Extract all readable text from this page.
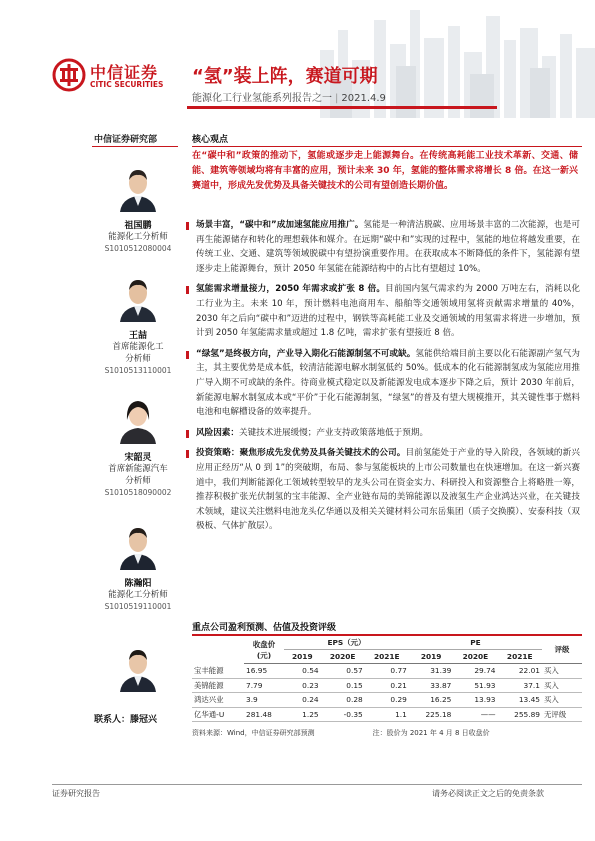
中信证券
CITIC SECURITIES “氢”装上阵，赛道可期
能源化工行业氢能系列报告之一 | 2021.4.9
中信证券研究部
祖国鹏
能源化工分析师
S1010512080004
王喆
首席能源化工
分析师
S1010513110001
宋韶灵
首席新能源汽车
分析师
S1010518090002
陈瀚阳
能源化工分析师
S1010519110001
联系人：滕冠兴
核心观点
在“碳中和”政策的推动下，氢能或逐步走上能源舞台。在传统高耗能工业技术革新、交通、储能、建筑等领域均将有丰富的应用，预计未来 30 年，氢能的整体需求将增长 8 倍。在这一新兴赛道中，形成先发优势及具备关键技术的公司有望创造长期价值。
场景丰富，“碳中和”成加速氢能应用推广。氢能是一种清洁脱碳、应用场景丰富的二次能源，也是可再生能源储存和转化的理想载体和媒介。在远期“碳中和”实现的过程中，氢能的地位将越发重要，在传统工业、交通、建筑等领域脱碳中有望扮演重要作用。在获取成本不断降低的条件下，氢能源有望逐步走上能源舞台，预计 2050 年氢能在能源结构中的占比有望超过 10%。
氢能需求增量接力，2050 年需求或扩张 8 倍。目前国内氢气需求约为 2000 万吨左右，消耗以化工行业为主。未来 10 年，预计燃料电池商用车、船舶等交通领域用氢将贡献需求增量的 40%，2030 年之后向“碳中和”迈进的过程中，钢铁等高耗能工业及交通领域的用氢需求将进一步增加，预计到 2050 年氢能需求量或超过 1.8 亿吨，需求扩张有望接近 8 倍。
“绿氢”是终极方向，产业导入期化石能源制氢不可或缺。氢能供给端目前主要以化石能源副产氢气为主，其主要优势是成本低，较清洁能源电解水制氢低约 50%。低成本的化石能源制氢成为氢能应用推广导入期不可或缺的条件。待商业模式稳定以及新能源发电成本逐步下降之后，预计 2030 年前后，新能源电解水制氢成本或“平价”于化石能源制氢，“绿氢”的普及有望大规模推开，其关键性事于燃料电池和电解槽设备的效率提升。
风险因素：关键技术进展缓慢；产业支持政策落地低于预期。
投资策略：聚焦形成先发优势及具备关键技术的公司。目前氢能处于产业的导入阶段，各领域的新兴应用正经历“从 0 到 1”的突破期，布局、参与氢能板块的上市公司数量也在快速增加。在这一新兴赛道中，我们判断能源化工领域转型较早的龙头公司在资金实力、科研投入和资源整合上将略胜一筹，推荐积极扩张光伏制氢的宝丰能源、全产业链布局的美锦能源以及液氢生产企业鸿达兴业，在关键技术领域，建议关注燃料电池龙头亿华通以及相关关键材料公司东岳集团（质子交换膜）、安泰科技（双极板、气体扩散层）。
重点公司盈利预测、估值及投资评级

	收盘价
(元)	EPS（元）			PE			评级
		2019	2020E	2021E	2019	2020E	2021E	
宝丰能源	16.95	0.54	0.57	0.77	31.39	29.74	22.01	买入
美锦能源	7.79	0.23	0.15	0.21	33.87	51.93	37.1	买入
鸿达兴业	3.9	0.24	0.28	0.29	16.25	13.93	13.45	买入
亿华通-U	281.48	1.25	-0.35	1.1	225.18	——	255.89	无评级
资料来源：Wind，中信证券研究部预测	注：股价为 2021 年 4 月 8 日收盘价
证券研究报告	请务必阅读正文之后的免责条款
